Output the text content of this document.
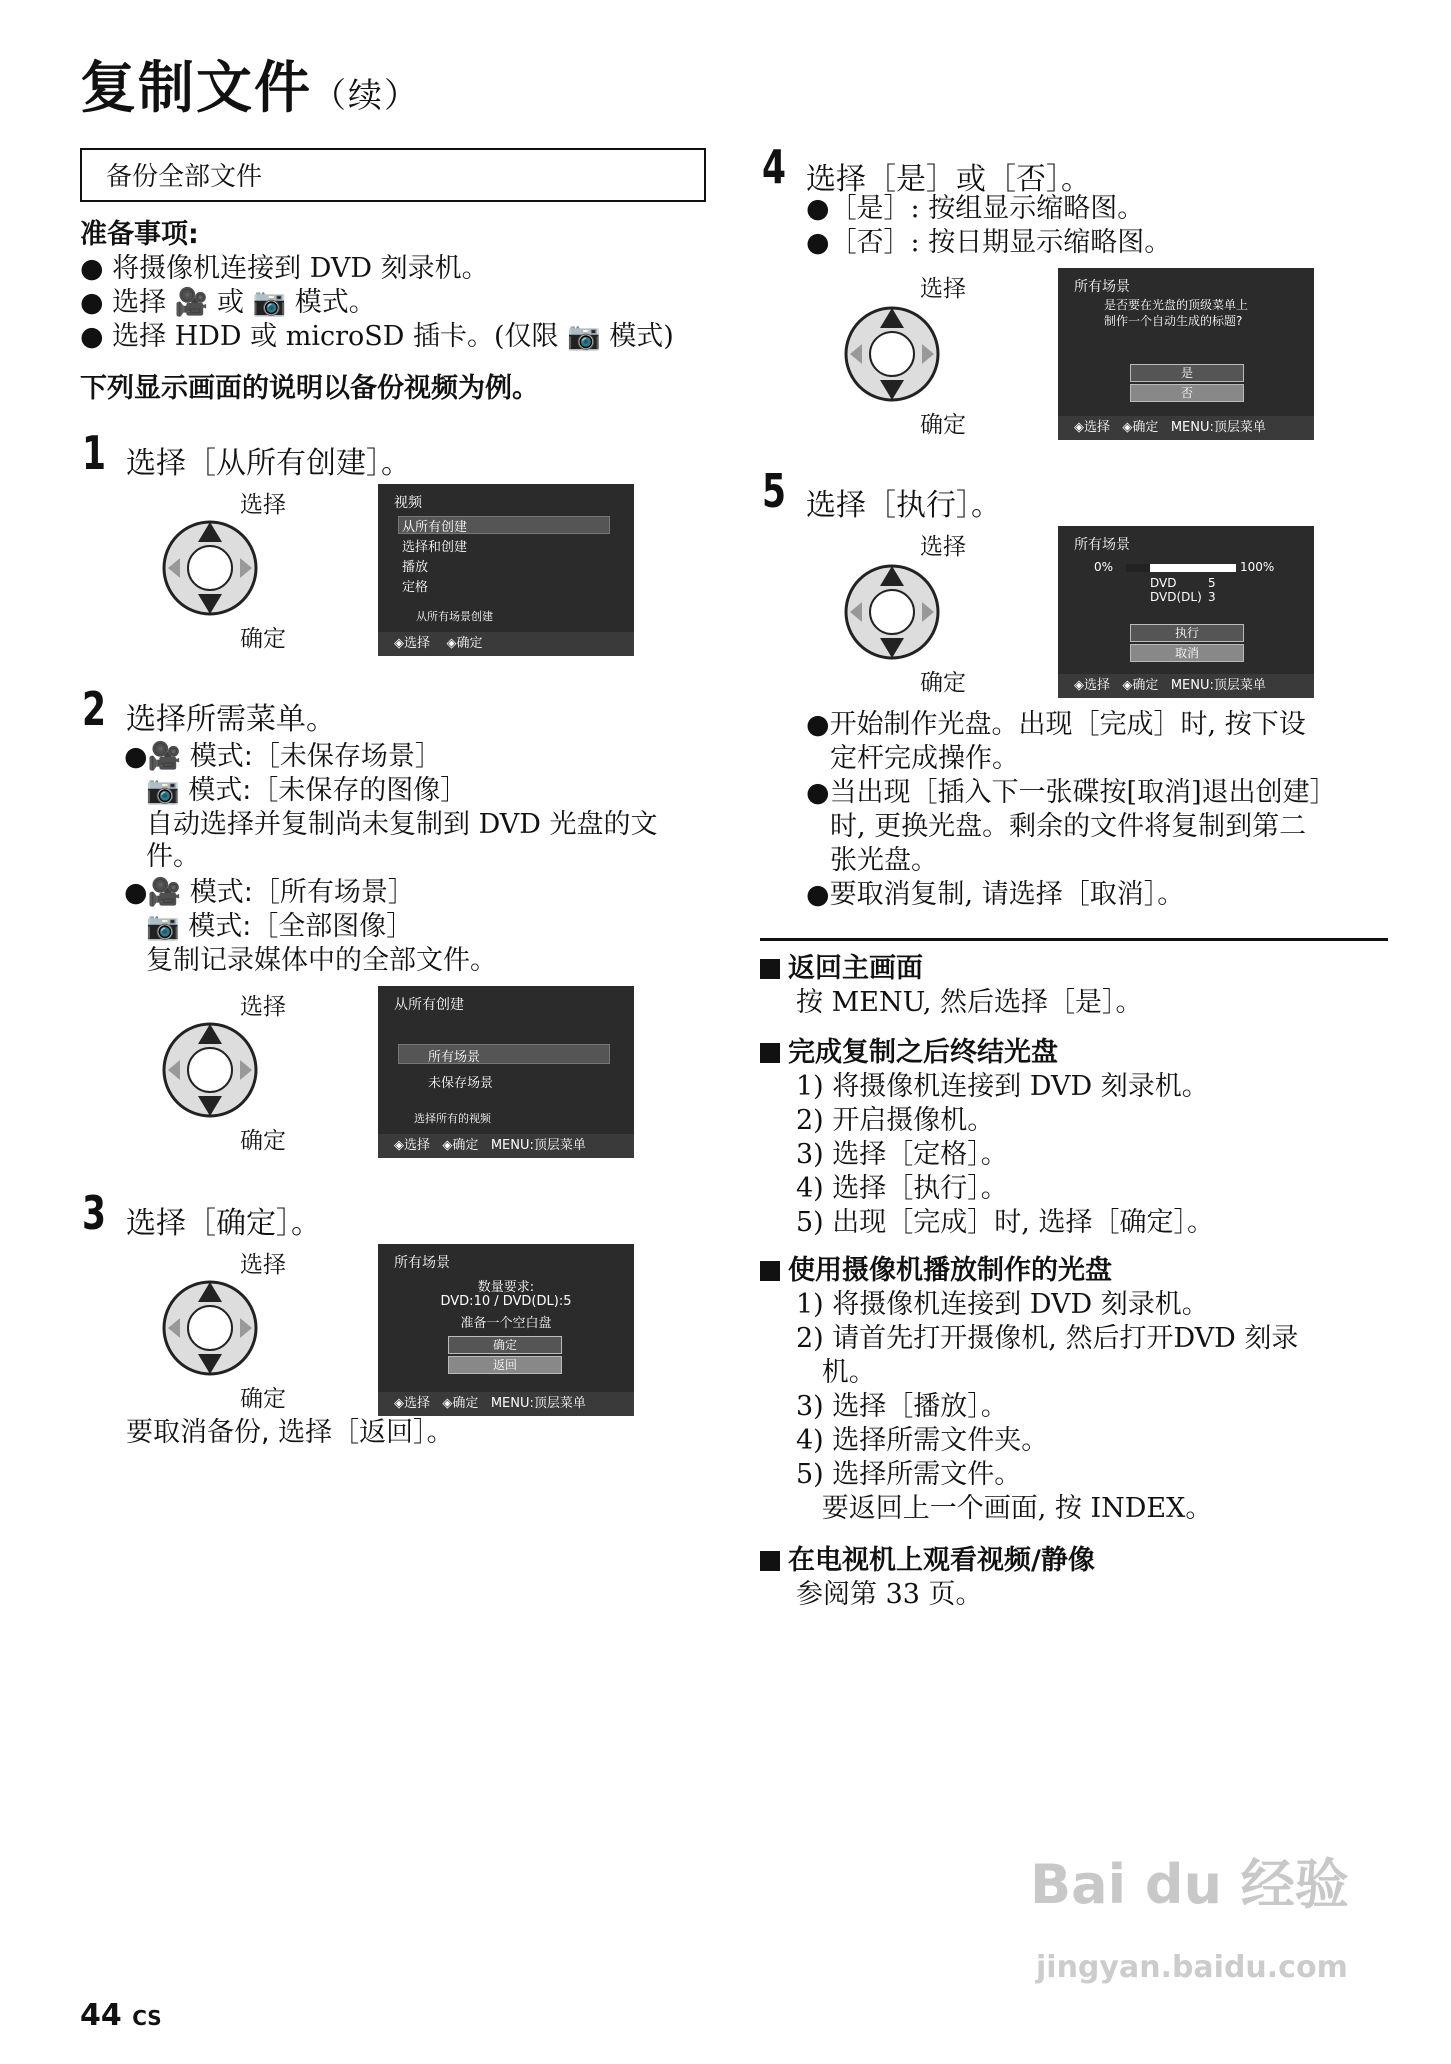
复制文件（续）
备份全部文件
准备事项:
● 将摄像机连接到 DVD 刻录机。
● 选择 🎥 或 📷 模式。
● 选择 HDD 或 microSD 插卡。(仅限 📷 模式)
下列显示画面的说明以备份视频为例。
1 选择［从所有创建］。
选择
确定
视频
从所有创建
选择和创建
播放
定格
从所有场景创建
◈选择    ◈确定
2 选择所需菜单。
●🎥 模式:［未保存场景］
📷 模式:［未保存的图像］
自动选择并复制尚未复制到 DVD 光盘的文
件。
●🎥 模式:［所有场景］
📷 模式:［全部图像］
复制记录媒体中的全部文件。
选择
确定
从所有创建
所有场景
未保存场景
选择所有的视频
◈选择   ◈确定 MENU:顶层菜单
3 选择［确定］。
选择
确定
所有场景
数量要求:
DVD:10 / DVD(DL):5
准备一个空白盘
确定
返回
◈选择   ◈确定 MENU:顶层菜单
要取消备份, 选择［返回］。
4 选择［是］或［否］。
●［是］: 按组显示缩略图。
●［否］: 按日期显示缩略图。
选择
确定
所有场景
是否要在光盘的顶级菜单上
制作一个自动生成的标题?
是
否
◈选择   ◈确定 MENU:顶层菜单
5 选择［执行］。
选择
确定
所有场景
0%	100%
DVD	5
DVD(DL) 3
执行
取消
◈选择   ◈确定 MENU:顶层菜单
●开始制作光盘。出现［完成］时, 按下设
定杆完成操作。
●当出现［插入下一张碟按[取消]退出创建］
时, 更换光盘。剩余的文件将复制到第二
张光盘。
●要取消复制, 请选择［取消］。
返回主画面
按 MENU, 然后选择［是］。
完成复制之后终结光盘
1) 将摄像机连接到 DVD 刻录机。
2) 开启摄像机。
3) 选择［定格］。
4) 选择［执行］。
5) 出现［完成］时, 选择［确定］。
使用摄像机播放制作的光盘
1) 将摄像机连接到 DVD 刻录机。
2) 请首先打开摄像机, 然后打开DVD 刻录
机。
3) 选择［播放］。
4) 选择所需文件夹。
5) 选择所需文件。
要返回上一个画面, 按 INDEX。
在电视机上观看视频/静像
参阅第 33 页。
44 CS
Bai du 经验
jingyan.baidu.com
